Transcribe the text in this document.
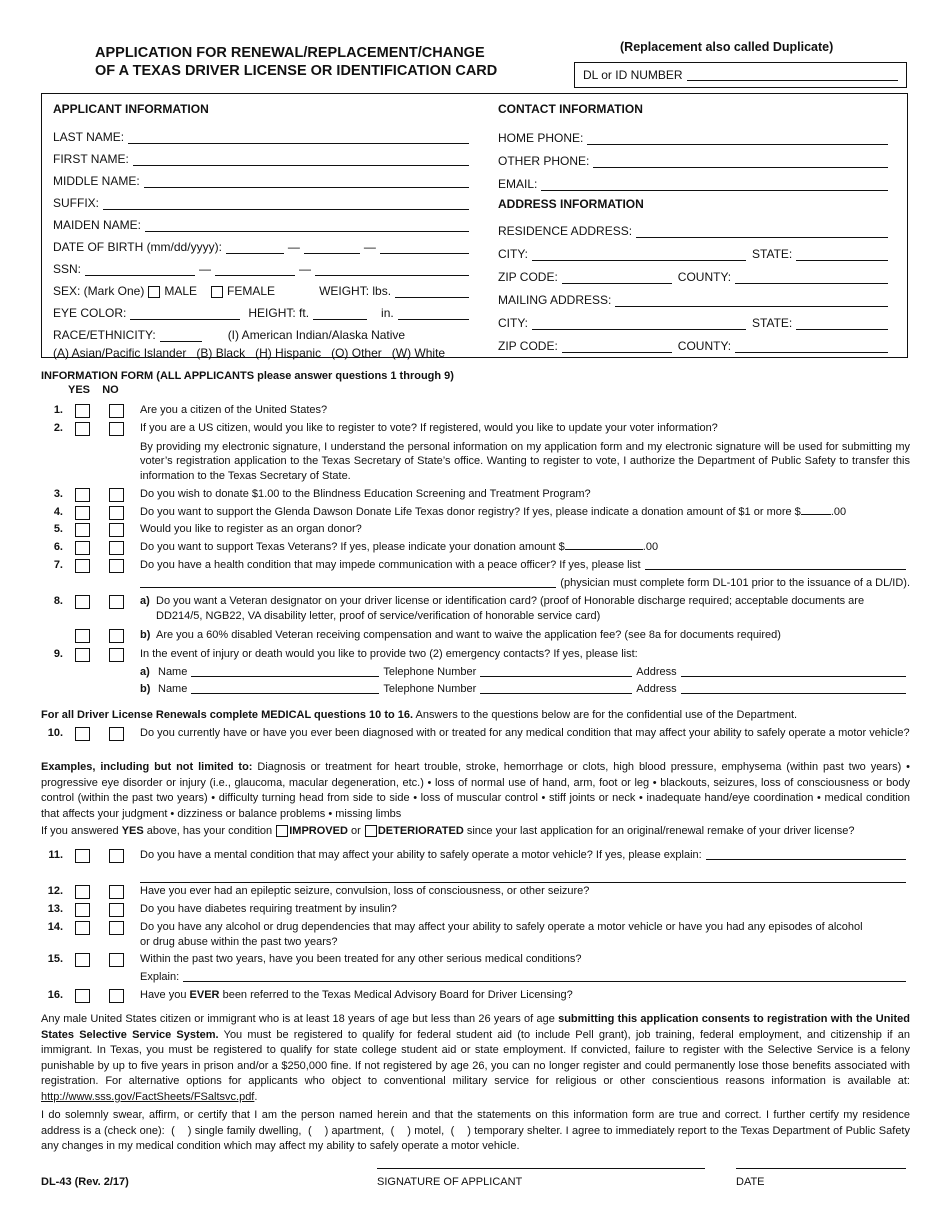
APPLICATION FOR RENEWAL/REPLACEMENT/CHANGE
OF A TEXAS DRIVER LICENSE OR IDENTIFICATION CARD
(Replacement also called Duplicate)
DL or ID NUMBER
APPLICANT INFORMATION
LAST NAME:
FIRST NAME:
MIDDLE NAME:
SUFFIX:
MAIDEN NAME:
DATE OF BIRTH (mm/dd/yyyy):	—	—
SSN:	—	—
SEX: (Mark One) MALE	FEMALE	WEIGHT: lbs.
EYE COLOR:	HEIGHT: ft.	in.
RACE/ETHNICITY:	(I) American Indian/Alaska Native
(A) Asian/Pacific Islander   (B) Black   (H) Hispanic   (O) Other   (W) White
CONTACT INFORMATION
HOME PHONE:
OTHER PHONE:
EMAIL:
ADDRESS INFORMATION
RESIDENCE ADDRESS:
CITY:	STATE:
ZIP CODE:	COUNTY:
MAILING ADDRESS:
CITY:	STATE:
ZIP CODE:	COUNTY:
INFORMATION FORM (ALL APPLICANTS please answer questions 1 through 9)
YES    NO
1.	Are you a citizen of the United States?
2.	If you are a US citizen, would you like to register to vote? If registered, would you like to update your voter information?
By providing my electronic signature, I understand the personal information on my application form and my electronic signature will be used for submitting my voter’s registration application to the Texas Secretary of State’s office. Wanting to register to vote, I authorize the Department of Public Safety to transfer this information to the Texas Secretary of State.
3.	Do you wish to donate $1.00 to the Blindness Education Screening and Treatment Program?
4.	Do you want to support the Glenda Dawson Donate Life Texas donor registry? If yes, please indicate a donation amount of $1 or more $	.00
5.	Would you like to register as an organ donor?
6.	Do you want to support Texas Veterans? If yes, please indicate your donation amount $	.00
7.	Do you have a health condition that may impede communication with a peace officer? If yes, please list
(physician must complete form DL-101 prior to the issuance of a DL/ID).
8.	a) Do you want a Veteran designator on your driver license or identification card? (proof of Honorable discharge required; acceptable documents are DD214/5, NGB22, VA disability letter, proof of service/verification of honorable service card)
b) Are you a 60% disabled Veteran receiving compensation and want to waive the application fee? (see 8a for documents required)
9.	In the event of injury or death would you like to provide two (2) emergency contacts? If yes, please list:
a) Name	Telephone Number	Address
b) Name	Telephone Number	Address
For all Driver License Renewals complete MEDICAL questions 10 to 16. Answers to the questions below are for the confidential use of the Department.
10.	Do you currently have or have you ever been diagnosed with or treated for any medical condition that may affect your ability to safely operate a motor vehicle?
Examples, including but not limited to: Diagnosis or treatment for heart trouble, stroke, hemorrhage or clots, high blood pressure, emphysema (within past two years) • progressive eye disorder or injury (i.e., glaucoma, macular degeneration, etc.) • loss of normal use of hand, arm, foot or leg • blackouts, seizures, loss of consciousness or body control (within the past two years) • difficulty turning head from side to side • loss of muscular control • stiff joints or neck • inadequate hand/eye coordination • medical condition that affects your judgment • dizziness or balance problems • missing limbs
If you answered YES above, has your condition IMPROVED or DETERIORATED since your last application for an original/renewal remake of your driver license?
11.	Do you have a mental condition that may affect your ability to safely operate a motor vehicle? If yes, please explain:
12.	Have you ever had an epileptic seizure, convulsion, loss of consciousness, or other seizure?
13.	Do you have diabetes requiring treatment by insulin?
14.	Do you have any alcohol or drug dependencies that may affect your ability to safely operate a motor vehicle or have you had any episodes of alcohol or drug abuse within the past two years?
15.	Within the past two years, have you been treated for any other serious medical conditions?
Explain:
16.	Have you EVER been referred to the Texas Medical Advisory Board for Driver Licensing?
Any male United States citizen or immigrant who is at least 18 years of age but less than 26 years of age submitting this application consents to registration with the United States Selective Service System. You must be registered to qualify for federal student aid (to include Pell grant), job training, federal employment, and citizenship if an immigrant. In Texas, you must be registered to qualify for state college student aid or state employment. If convicted, failure to register with the Selective Service is a felony punishable by up to five years in prison and/or a $250,000 fine. If not registered by age 26, you can no longer register and could permanently lose those benefits associated with registration. For alternative options for applicants who object to conventional military service for religious or other conscientious reasons information is available at: http://www.sss.gov/FactSheets/FSaltsvc.pdf.
I do solemnly swear, affirm, or certify that I am the person named herein and that the statements on this information form are true and correct. I further certify my residence address is a (check one):  (    ) single family dwelling,  (    ) apartment,  (    ) motel,  (    ) temporary shelter. I agree to immediately report to the Texas Department of Public Safety any changes in my medical condition which may affect my ability to safely operate a motor vehicle.
DL-43 (Rev. 2/17)	SIGNATURE OF APPLICANT	DATE
